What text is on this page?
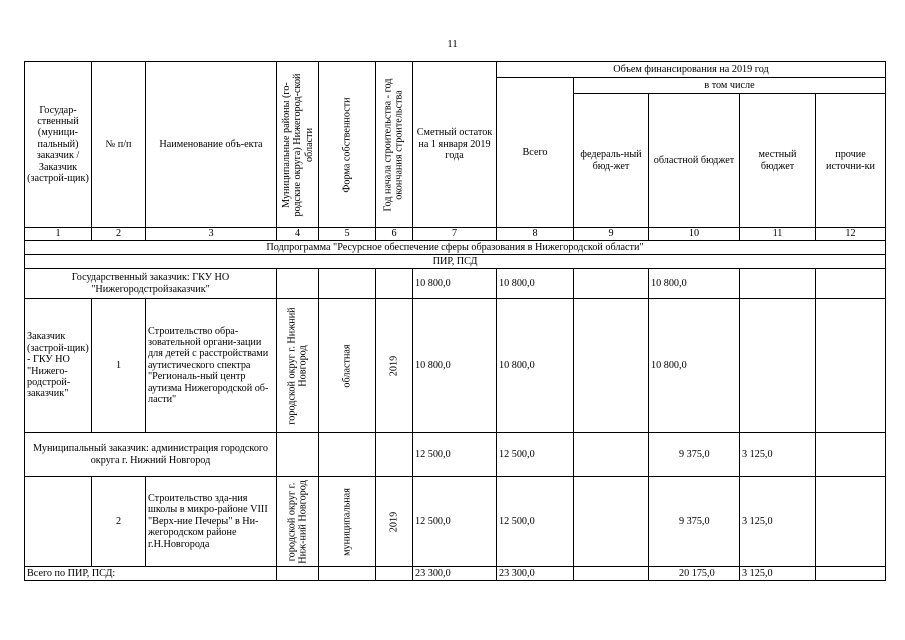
11
Государ-ственный (муници-пальный) заказчик / Заказчик (застрой-щик)	№ п/п	Наименование объ-екта	Муниципальные районы (го-родские округа) Нижегород-ской области	Форма собственности	Год начала строительства - год окончания строительства	Сметный остаток на 1 января 2019 года	Объем финансирования на 2019 год				
							Всего	в том числе			
								федераль-ный бюд-жет	областной бюджет	местный бюджет	прочие источни-ки
1	2	3	4	5	6	7	8	9	10	11	12
Подпрограмма "Ресурсное обеспечение сферы образования в Нижегородской области"											
ПИР, ПСД											
Государственный заказчик: ГКУ НО "Нижегородстройзаказчик"						10 800,0	10 800,0		10 800,0		
Заказчик (застрой-щик) - ГКУ НО "Нижего-родстрой-заказчик"	1	Строительство обра-зовательной органи-зации для детей с расстройствами аутистического спектра "Региональ-ный центр аутизма Нижегородской об-ласти"	городской округ г. Нижний Новгород	областная	2019	10 800,0	10 800,0		10 800,0		
Муниципальный заказчик: администрация городского округа г. Нижний Новгород						12 500,0	12 500,0		9 375,0	3 125,0	
	2	Строительство зда-ния школы в микро-районе VIII "Верх-ние Печеры" в Ни-жегородском районе г.Н.Новгорода	городской округ г. Ниж-ний Новгород	муниципальная	2019	12 500,0	12 500,0		9 375,0	3 125,0	
Всего по ПИР, ПСД:						23 300,0	23 300,0		20 175,0	3 125,0	
